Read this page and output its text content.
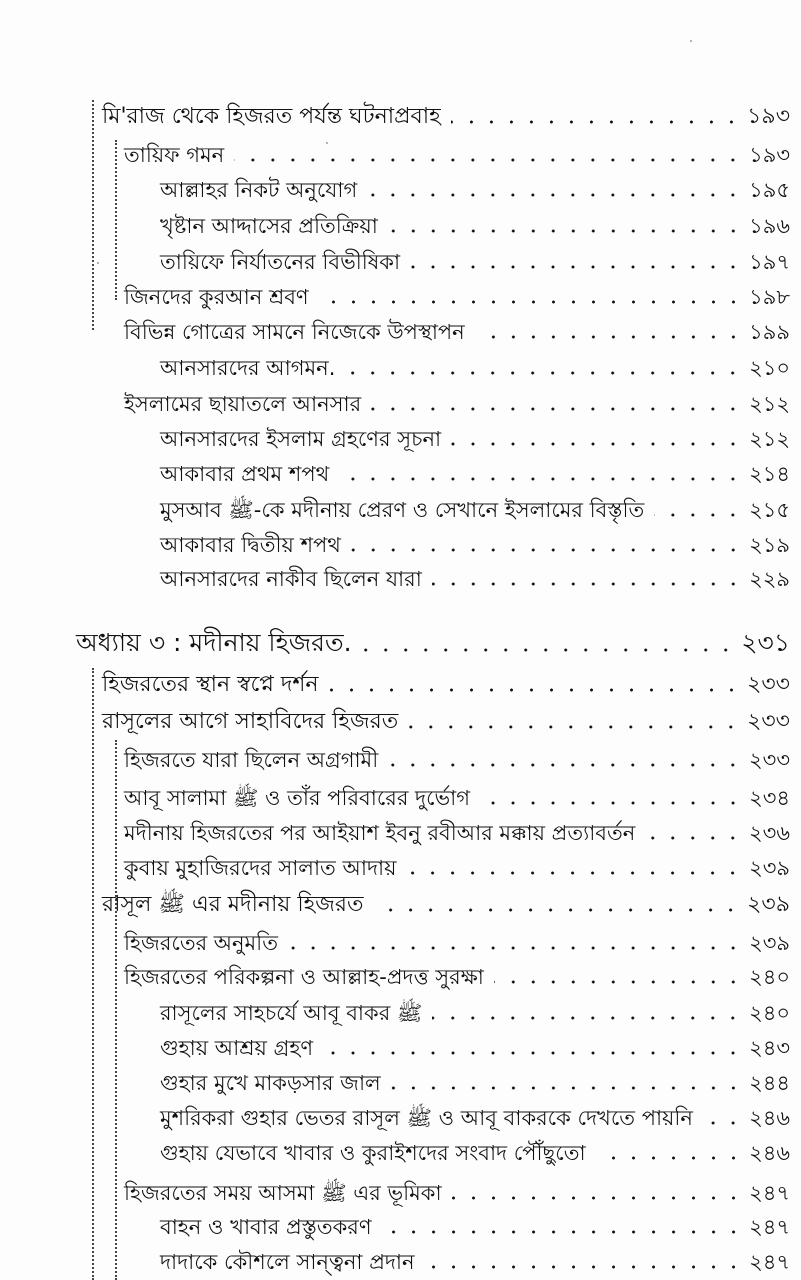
মি'রাজ থেকে হিজরত পর্যন্ত ঘটনাপ্রবাহ	১৯৩
তায়িফ গমন	১৯৩
আল্লাহর নিকট অনুযোগ	১৯৫
খৃষ্টান আদ্দাসের প্রতিক্রিয়া	১৯৬
তায়িফে নির্যাতনের বিভীষিকা	১৯৭
জিনদের কুরআন শ্রবণ	১৯৮
বিভিন্ন গোত্রের সামনে নিজেকে উপস্থাপন	১৯৯
আনসারদের আগমন.	২১০
ইসলামের ছায়াতলে আনসার	২১২
আনসারদের ইসলাম গ্রহণের সূচনা	২১২
আকাবার প্রথম শপথ	২১৪
মুসআব ﷺ-কে মদীনায় প্রেরণ ও সেখানে ইসলামের বিস্তৃতি	২১৫
আকাবার দ্বিতীয় শপথ	২১৯
আনসারদের নাকীব ছিলেন যারা	২২৯
অধ্যায় ৩ : মদীনায় হিজরত.	২৩১
হিজরতের স্থান স্বপ্নে দর্শন	২৩৩
রাসূলের আগে সাহাবিদের হিজরত	২৩৩
হিজরতে যারা ছিলেন অগ্রগামী	২৩৩
আবূ সালামা ﷺ ও তাঁর পরিবারের দুর্ভোগ	২৩৪
মদীনায় হিজরতের পর আইয়াশ ইবনু রবীআর মক্কায় প্রত্যাবর্তন	২৩৬
কুবায় মুহাজিরদের সালাত আদায়	২৩৯
রাসূল ﷺ এর মদীনায় হিজরত	২৩৯
হিজরতের অনুমতি	২৩৯
হিজরতের পরিকল্পনা ও আল্লাহ-প্রদত্ত সুরক্ষা	২৪০
রাসূলের সাহচর্যে আবূ বাকর ﷺ	২৪০
গুহায় আশ্রয় গ্রহণ	২৪৩
গুহার মুখে মাকড়সার জাল	২৪৪
মুশরিকরা গুহার ভেতর রাসূল ﷺ ও আবূ বাকরকে দেখতে পায়নি	২৪৬
গুহায় যেভাবে খাবার ও কুরাইশদের সংবাদ পৌঁছুতো	২৪৬
হিজরতের সময় আসমা ﷺ এর ভূমিকা	২৪৭
বাহন ও খাবার প্রস্তুতকরণ	২৪৭
দাদাকে কৌশলে সান্ত্বনা প্রদান	২৪৭
